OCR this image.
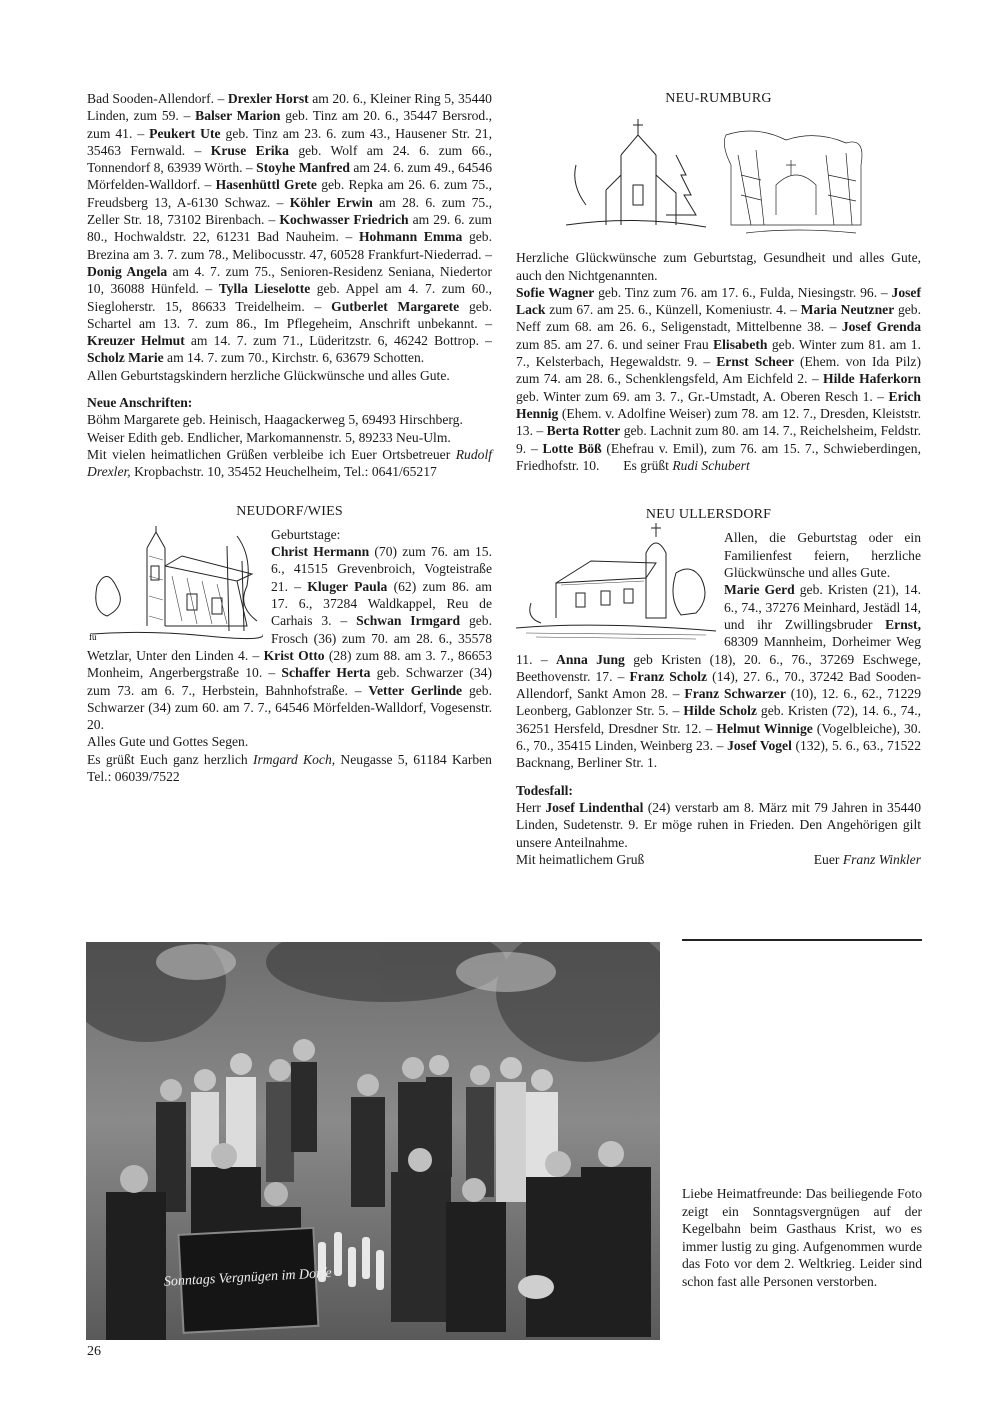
Bad Sooden-Allendorf. – Drexler Horst am 20. 6., Kleiner Ring 5, 35440 Linden, zum 59. – Balser Marion geb. Tinz am 20. 6., 35447 Bersrod., zum 41. – Peukert Ute geb. Tinz am 23. 6. zum 43., Hausener Str. 21, 35463 Fernwald. – Kruse Erika geb. Wolf am 24. 6. zum 66., Tonnendorf 8, 63939 Wörth. – Stoyhe Manfred am 24. 6. zum 49., 64546 Mörfelden-Walldorf. – Hasenhüttl Grete geb. Repka am 26. 6. zum 75., Freudsberg 13, A-6130 Schwaz. – Köhler Erwin am 28. 6. zum 75., Zeller Str. 18, 73102 Birenbach. – Kochwasser Friedrich am 29. 6. zum 80., Hochwaldstr. 22, 61231 Bad Nauheim. – Hohmann Emma geb. Brezina am 3. 7. zum 78., Melibocusstr. 47, 60528 Frankfurt-Niederrad. – Donig Angela am 4. 7. zum 75., Senioren-Residenz Seniana, Niedertor 10, 36088 Hünfeld. – Tylla Lieselotte geb. Appel am 4. 7. zum 60., Siegloherstr. 15, 86633 Treidelheim. – Gutberlet Margarete geb. Schartel am 13. 7. zum 86., Im Pflegeheim, Anschrift unbekannt. – Kreuzer Helmut am 14. 7. zum 71., Lüderitzstr. 6, 46242 Bottrop. – Scholz Marie am 14. 7. zum 70., Kirchstr. 6, 63679 Schotten.

Allen Geburtstagskindern herzliche Glückwünsche und alles Gute.

Neue Anschriften:

Böhm Margarete geb. Heinisch, Haagackerweg 5, 69493 Hirschberg.

Weiser Edith geb. Endlicher, Markomannenstr. 5, 89233 Neu-Ulm.

Mit vielen heimatlichen Grüßen verbleibe ich Euer Ortsbetreuer Rudolf Drexler, Kropbachstr. 10, 35452 Heuchelheim, Tel.: 0641/65217

NEUDORF/WIES
fu

Geburtstage:

Christ Hermann (70) zum 76. am 15. 6., 41515 Grevenbroich, Vogteistraße 21. – Kluger Paula (62) zum 86. am 17. 6., 37284 Waldkappel, Reu de Carhais 3. – Schwan Irmgard geb. Frosch (36) zum 70. am 28. 6., 35578 Wetzlar, Unter den Linden 4. – Krist Otto (28) zum 88. am 3. 7., 86653 Monheim, Angerbergstraße 10. – Schaffer Herta geb. Schwarzer (34) zum 73. am 6. 7., Herbstein, Bahnhofstraße. – Vetter Gerlinde geb. Schwarzer (34) zum 60. am 7. 7., 64546 Mörfelden-Walldorf, Vogesenstr. 20.

Alles Gute und Gottes Segen.

Es grüßt Euch ganz herzlich Irmgard Koch, Neugasse 5, 61184 Karben Tel.: 06039/7522

NEU-RUMBURG

Herzliche Glückwünsche zum Geburtstag, Gesundheit und alles Gute, auch den Nichtgenannten.

Sofie Wagner geb. Tinz zum 76. am 17. 6., Fulda, Niesingstr. 96. – Josef Lack zum 67. am 25. 6., Künzell, Komeniustr. 4. – Maria Neutzner geb. Neff zum 68. am 26. 6., Seligenstadt, Mittelbenne 38. – Josef Grenda zum 85. am 27. 6. und seiner Frau Elisabeth geb. Winter zum 81. am 1. 7., Kelsterbach, Hegewaldstr. 9. – Ernst Scheer (Ehem. von Ida Pilz) zum 74. am 28. 6., Schenklengsfeld, Am Eichfeld 2. – Hilde Haferkorn geb. Winter zum 69. am 3. 7., Gr.-Umstadt, A. Oberen Resch 1. – Erich Hennig (Ehem. v. Adolfine Weiser) zum 78. am 12. 7., Dresden, Kleiststr. 13. – Berta Rotter geb. Lachnit zum 80. am 14. 7., Reichelsheim, Feldstr. 9. – Lotte Böß (Ehefrau v. Emil), zum 76. am 15. 7., Schwieberdingen, Friedhofstr. 10. Es grüßt Rudi Schubert

NEU ULLERSDORF

Allen, die Geburtstag oder ein Familienfest feiern, herzliche Glückwünsche und alles Gute.

Marie Gerd geb. Kristen (21), 14. 6., 74., 37276 Meinhard, Jestädl 14, und ihr Zwillingsbruder Ernst, 68309 Mannheim, Dorheimer Weg 11. – Anna Jung geb Kristen (18), 20. 6., 76., 37269 Eschwege, Beethovenstr. 17. – Franz Scholz (14), 27. 6., 70., 37242 Bad Sooden-Allendorf, Sankt Amon 28. – Franz Schwarzer (10), 12. 6., 62., 71229 Leonberg, Gablonzer Str. 5. – Hilde Scholz geb. Kristen (72), 14. 6., 74., 36251 Hersfeld, Dresdner Str. 12. – Helmut Winnige (Vogelbleiche), 30. 6., 70., 35415 Linden, Weinberg 23. – Josef Vogel (132), 5. 6., 63., 71522 Backnang, Berliner Str. 1.

Todesfall:

Herr Josef Lindenthal (24) verstarb am 8. März mit 79 Jahren in 35440 Linden, Sudetenstr. 9. Er möge ruhen in Frieden. Den Angehörigen gilt unsere Anteilnahme.

Mit heimatlichem Gruß	Euer Franz Winkler
Sonntags Vergnügen im Dorfe
Liebe Heimatfreunde: Das beiliegende Foto zeigt ein Sonntagsvergnügen auf der Kegelbahn beim Gasthaus Krist, wo es immer lustig zu ging. Aufgenommen wurde das Foto vor dem 2. Weltkrieg. Leider sind schon fast alle Personen verstorben.
26
